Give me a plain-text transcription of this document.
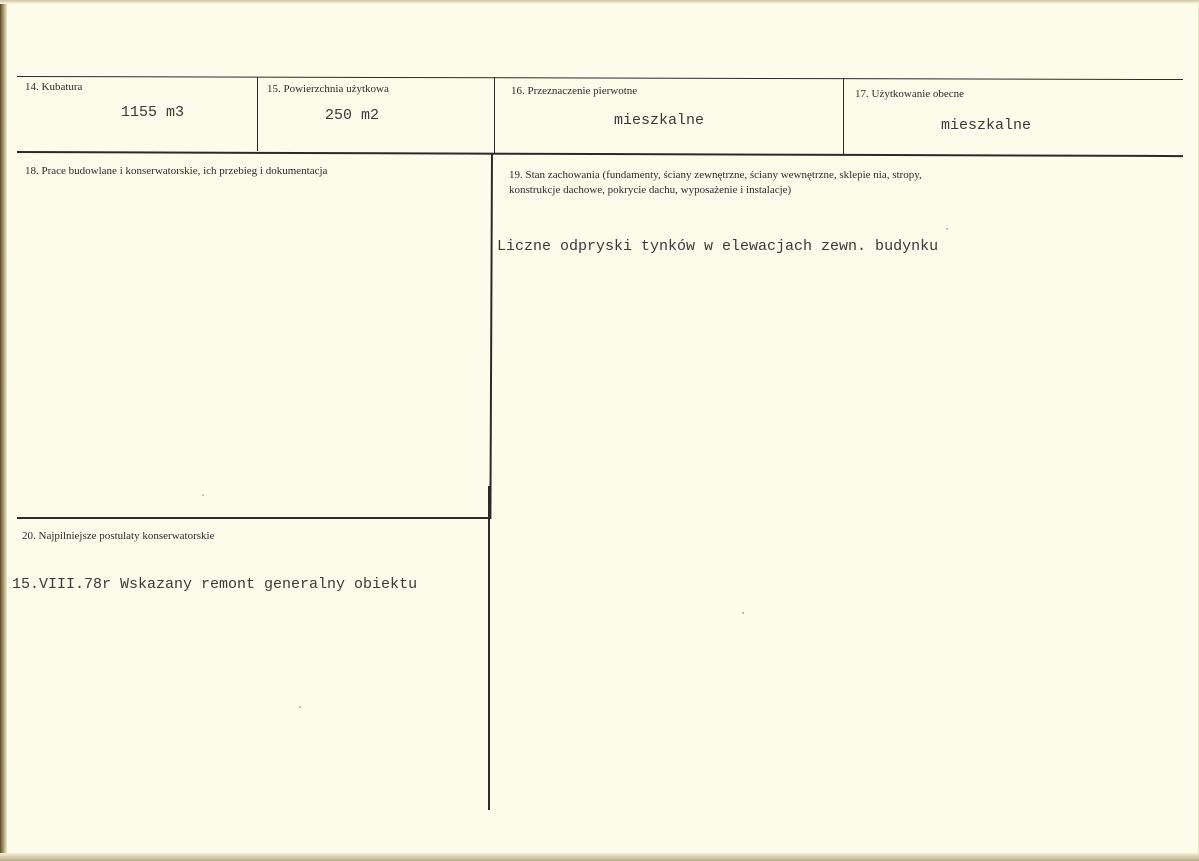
14. Kubatura
1155 m3
15. Powierzchnia użytkowa
250 m2
16. Przeznaczenie pierwotne
mieszkalne
17. Użytkowanie obecne
mieszkalne
18. Prace budowlane i konserwatorskie, ich przebieg i dokumentacja	19. Stan zachowania (fundamenty, ściany zewnętrzne, ściany wewnętrzne, sklepie nia, stropy,
konstrukcje dachowe, pokrycie dachu, wyposażenie i instalacje)
Liczne odpryski tynków w elewacjach zewn. budynku
20. Najpilniejsze postulaty konserwatorskie
15.VIII.78r Wskazany remont generalny obiektu
